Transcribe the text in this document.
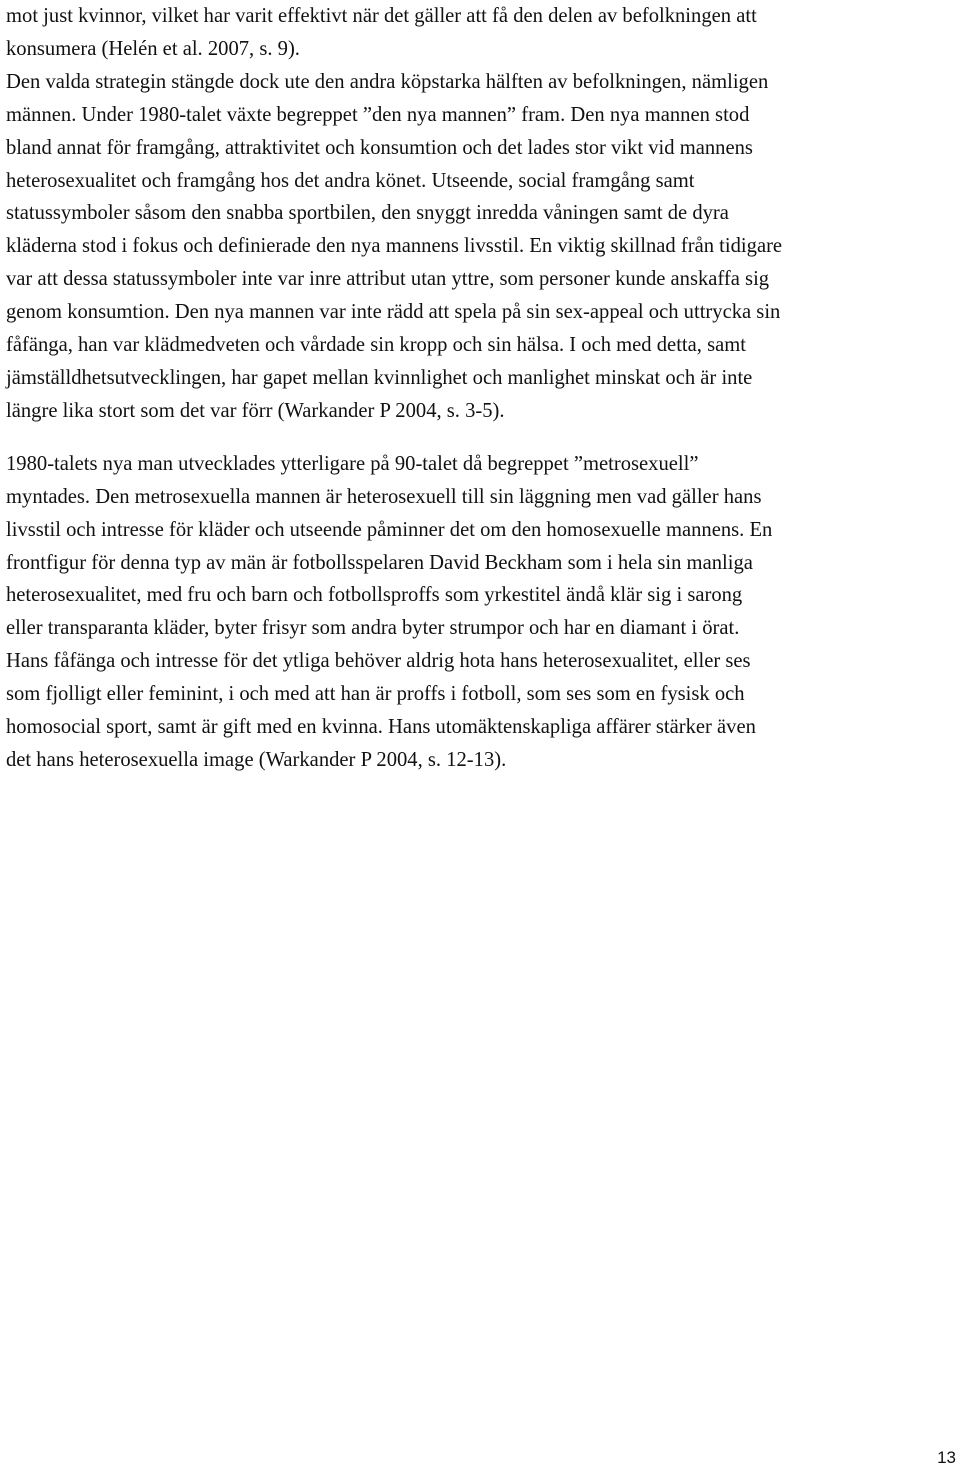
mot just kvinnor, vilket har varit effektivt när det gäller att få den delen av befolkningen att
konsumera (Helén et al. 2007, s. 9).

Den valda strategin stängde dock ute den andra köpstarka hälften av befolkningen, nämligen
männen. Under 1980-talet växte begreppet ”den nya mannen” fram. Den nya mannen stod
bland annat för framgång, attraktivitet och konsumtion och det lades stor vikt vid mannens
heterosexualitet och framgång hos det andra könet. Utseende, social framgång samt
statussymboler såsom den snabba sportbilen, den snyggt inredda våningen samt de dyra
kläderna stod i fokus och definierade den nya mannens livsstil. En viktig skillnad från tidigare
var att dessa statussymboler inte var inre attribut utan yttre, som personer kunde anskaffa sig
genom konsumtion. Den nya mannen var inte rädd att spela på sin sex-appeal och uttrycka sin
fåfänga, han var klädmedveten och vårdade sin kropp och sin hälsa. I och med detta, samt
jämställdhetsutvecklingen, har gapet mellan kvinnlighet och manlighet minskat och är inte
längre lika stort som det var förr (Warkander P 2004, s. 3-5).

1980-talets nya man utvecklades ytterligare på 90-talet då begreppet ”metrosexuell”
myntades. Den metrosexuella mannen är heterosexuell till sin läggning men vad gäller hans
livsstil och intresse för kläder och utseende påminner det om den homosexuelle mannens. En
frontfigur för denna typ av män är fotbollsspelaren David Beckham som i hela sin manliga
heterosexualitet, med fru och barn och fotbollsproffs som yrkestitel ändå klär sig i sarong
eller transparanta kläder, byter frisyr som andra byter strumpor och har en diamant i örat.
Hans fåfänga och intresse för det ytliga behöver aldrig hota hans heterosexualitet, eller ses
som fjolligt eller feminint, i och med att han är proffs i fotboll, som ses som en fysisk och
homosocial sport, samt är gift med en kvinna. Hans utomäktenskapliga affärer stärker även
det hans heterosexuella image (Warkander P 2004, s. 12-13).

13
